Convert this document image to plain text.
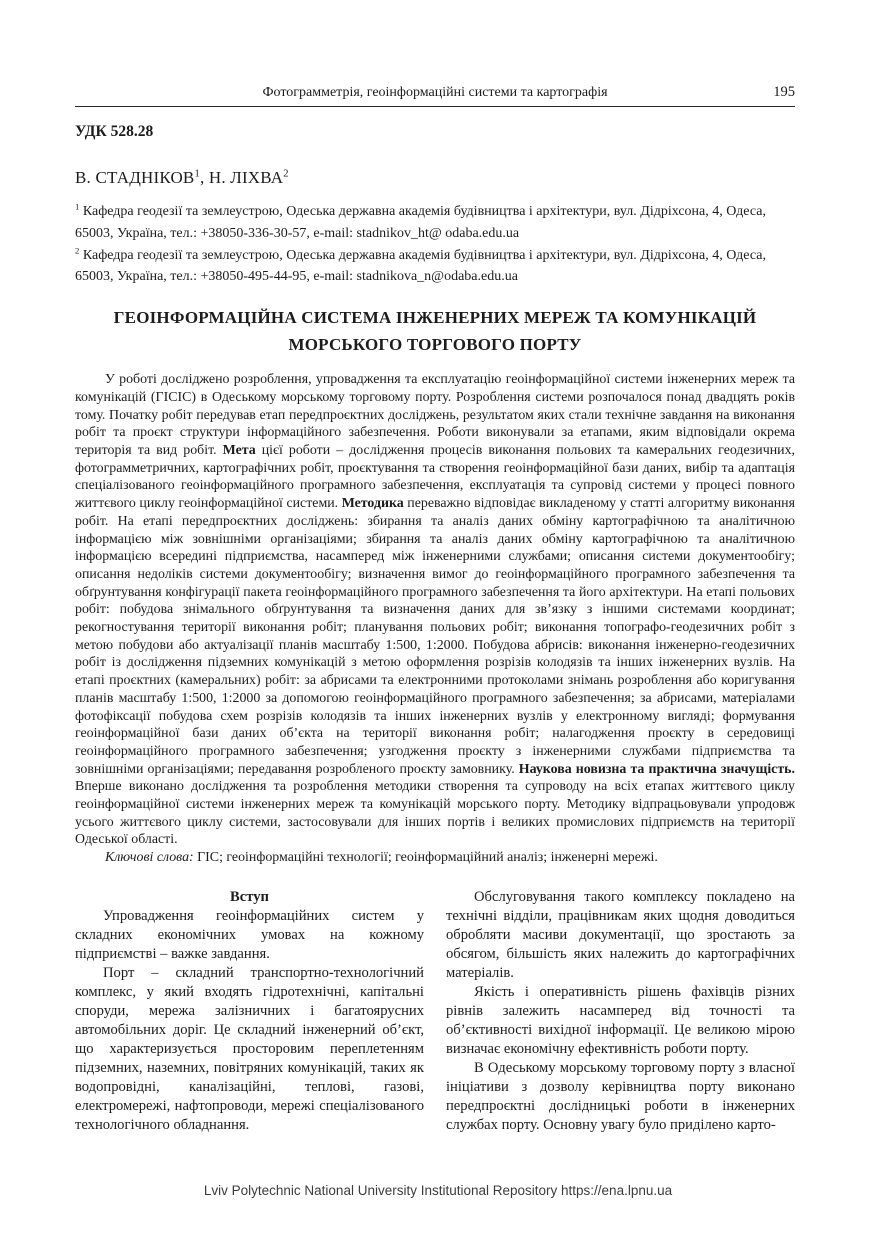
Фотограмметрія, геоінформаційні системи та картографія	195
УДК 528.28
В. СТАДНІКОВ$^1$, Н. ЛІХВА$^2$

$^1$ Кафедра геодезії та землеустрою, Одеська державна академія будівництва і архітектури, вул. Дідріхсона, 4, Одеса, 65003, Україна, тел.: +38050-336-30-57, e-mail: stadnikov_ht@ odaba.edu.ua

$^2$ Кафедра геодезії та землеустрою, Одеська державна академія будівництва і архітектури, вул. Дідріхсона, 4, Одеса, 65003, Україна, тел.: +38050-495-44-95, e-mail: stadnikova_n@odaba.edu.ua

ГЕОІНФОРМАЦІЙНА СИСТЕМА ІНЖЕНЕРНИХ МЕРЕЖ ТА КОМУНІКАЦІЙ
МОРСЬКОГО ТОРГОВОГО ПОРТУ

У роботі досліджено розроблення, упровадження та експлуатацію геоінформаційної системи інженерних мереж та комунікацій (ГІСІС) в Одеському морському торговому порту. Розроблення системи розпочалося понад двадцять років тому. Початку робіт передував етап передпроєктних досліджень, результатом яких стали технічне завдання на виконання робіт та проєкт структури інформаційного забезпечення. Роботи виконували за етапами, яким відповідали окрема територія та вид робіт. Мета цієї роботи – дослідження процесів виконання польових та камеральних геодезичних, фотограмметричних, картографічних робіт, проєктування та створення геоінформаційної бази даних, вибір та адаптація спеціалізованого геоінформаційного програмного забезпечення, експлуатація та супровід системи у процесі повного життєвого циклу геоінформаційної системи. Методика переважно відповідає викладеному у статті алгоритму виконання робіт. На етапі передпроєктних досліджень: збирання та аналіз даних обміну картографічною та аналітичною інформацією між зовнішніми організаціями; збирання та аналіз даних обміну картографічною та аналітичною інформацією всередині підприємства, насамперед між інженерними службами; описання системи документообігу; описання недоліків системи документообігу; визначення вимог до геоінформаційного програмного забезпечення та обґрунтування конфігурації пакета геоінформаційного програмного забезпечення та його архітектури. На етапі польових робіт: побудова знімального обґрунтування та визначення даних для зв’язку з іншими системами координат; рекогностування території виконання робіт; планування польових робіт; виконання топографо-геодезичних робіт з метою побудови або актуалізації планів масштабу 1:500, 1:2000. Побудова абрисів: виконання інженерно-геодезичних робіт із дослідження підземних комунікацій з метою оформлення розрізів колодязів та інших інженерних вузлів. На етапі проєктних (камеральних) робіт: за абрисами та електронними протоколами знімань розроблення або коригування планів масштабу 1:500, 1:2000 за допомогою геоінформаційного програмного забезпечення; за абрисами, матеріалами фотофіксації побудова схем розрізів колодязів та інших інженерних вузлів у електронному вигляді; формування геоінформаційної бази даних об’єкта на території виконання робіт; налагодження проєкту в середовищі геоінформаційного програмного забезпечення; узгодження проєкту з інженерними службами підприємства та зовнішніми організаціями; передавання розробленого проєкту замовнику. Наукова новизна та практична значущість. Вперше виконано дослідження та розроблення методики створення та супроводу на всіх етапах життєвого циклу геоінформаційної системи інженерних мереж та комунікацій морського порту. Методику відпрацьовували упродовж усього життєвого циклу системи, застосовували для інших портів і великих промислових підприємств на території Одеської області.

Ключові слова: ГІС; геоінформаційні технології; геоінформаційний аналіз; інженерні мережі.

Вступ

Упровадження геоінформаційних систем у складних економічних умовах на кожному підприємстві – важке завдання.

Порт – складний транспортно-технологічний комплекс, у який входять гідротехнічні, капітальні споруди, мережа залізничних і багатоярусних автомобільних доріг. Це складний інженерний об’єкт, що характеризується просторовим переплетенням підземних, наземних, повітряних комунікацій, таких як водопровідні, каналізаційні, теплові, газові, електромережі, нафтопроводи, мережі спеціалізованого технологічного обладнання.

Обслуговування такого комплексу покладено на технічні відділи, працівникам яких щодня доводиться обробляти масиви документації, що зростають за обсягом, більшість яких належить до картографічних матеріалів.

Якість і оперативність рішень фахівців різних рівнів залежить насамперед від точності та об’єктивності вихідної інформації. Це великою мірою визначає економічну ефективність роботи порту.

В Одеському морському торговому порту з власної ініціативи з дозволу керівництва порту виконано передпроєктні дослідницькі роботи в інженерних службах порту. Основну увагу було приділено карто-

Lviv Polytechnic National University Institutional Repository https://ena.lpnu.ua
